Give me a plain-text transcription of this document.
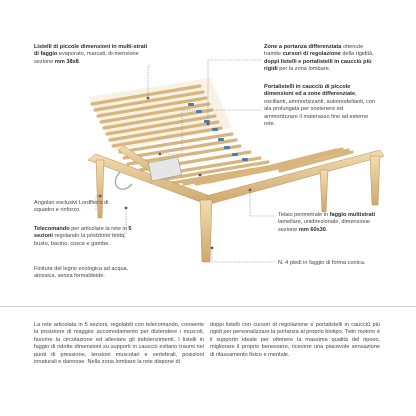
Listelli di piccole dimensioni in multi-strati di faggio evaporato, marcati, di-mensione sezione mm 38x8.
Zone a portanza differenziata ottenute tramite cursori di regolazione della rigidità, doppi listelli e portalistelli in caucciù più rigidi per la zona lombare.
Portalistelli in caucciù di piccole dimensioni ed a zone differenziate, oscillanti, ammortizzanti, automodellanti, con ala prolungata per sostenere ed ammortizzare il materasso fino ad esterno rete.
Angolari esclusivi Lordflex's di squadro e rinforzo.
Telecomando per articolare la rete in 5 sezioni regolando la posizione testa, busto, bacino, cosce e gambe.
Finitura del legno ecologica ad acqua, atossica, senza formaldeide.
Telaio perimetrale in faggio multistrati lamellare, unidirezionale, dimensione sezione mm 60x30.
N. 4 piedi in faggio di forma conica.
La rete articolata in 5 sezioni, regolabili con telecomando, consente la posizione di maggior accomodamento per distendere i muscoli, favorire la circolazione ed alleviare gli indolenzimenti. I listelli in faggio di ridotte dimensioni su supporti in caucciù evitano traumi nei punti di pressione, tensioni muscolari e vertebrali, posizioni innaturali e dannose. Nella zona lombare la rete dispone di
doppi listelli con cursori di regolazione e portalistelli in caucciù più rigidi per personalizzare la portanza al proprio biotipo. Twin motore è il supporto ideale per ottenere la massima qualità del riposo, migliorare il proprio benessere, ricevere una piacevole sensazione di rilassamento fisico e mentale.
